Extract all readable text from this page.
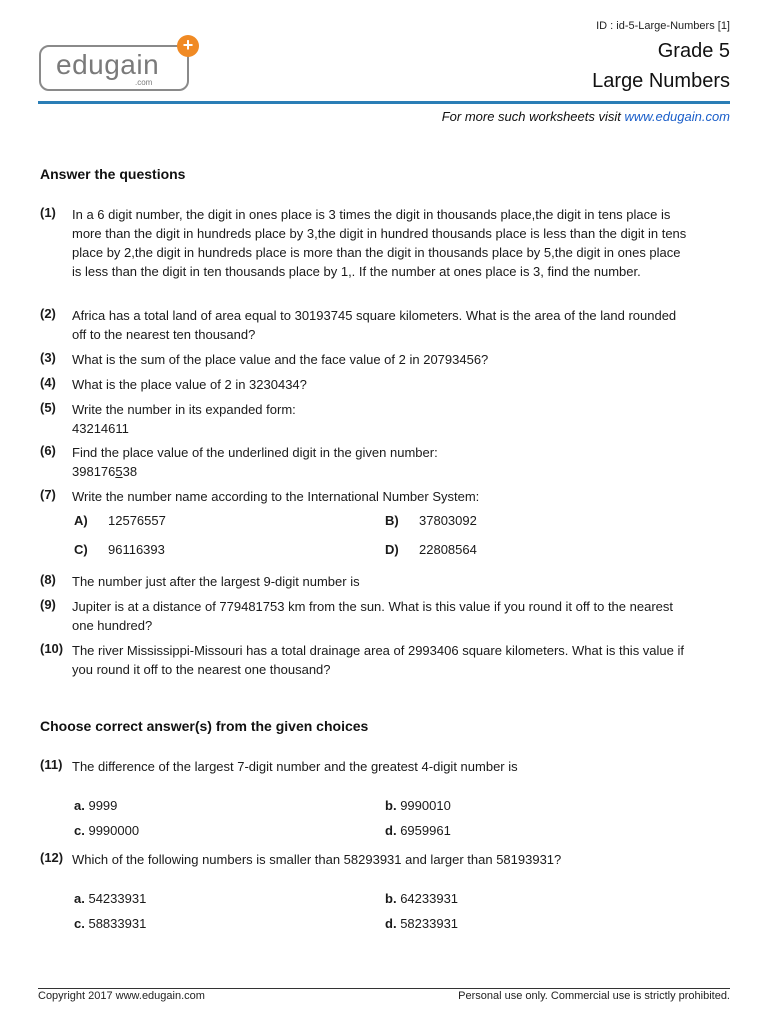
ID : id-5-Large-Numbers [1]
edugain
.com
+	Grade 5
Large Numbers
For more such worksheets visit www.edugain.com
Answer the questions
(1) In a 6 digit number, the digit in ones place is 3 times the digit in thousands place,the digit in tens place is more than the digit in hundreds place by 3,the digit in hundred thousands place is less than the digit in tens place by 2,the digit in hundreds place is more than the digit in thousands place by 5,the digit in ones place is less than the digit in ten thousands place by 1,. If the number at ones place is 3, find the number.
(2) Africa has a total land of area equal to 30193745 square kilometers. What is the area of the land rounded off to the nearest ten thousand?
(3) What is the sum of the place value and the face value of 2 in 20793456?
(4) What is the place value of 2 in 3230434?
(5) Write the number in its expanded form:
43214611
(6) Find the place value of the underlined digit in the given number:
398176538
(7) Write the number name according to the International Number System:
A) 12576557	B) 37803092
C) 96116393	D) 22808564
(8) The number just after the largest 9-digit number is
(9) Jupiter is at a distance of 779481753 km from the sun. What is this value if you round it off to the nearest one hundred?
(10) The river Mississippi-Missouri has a total drainage area of 2993406 square kilometers. What is this value if you round it off to the nearest one thousand?
Choose correct answer(s) from the given choices
(11) The difference of the largest 7-digit number and the greatest 4-digit number is
a. 9999	b. 9990010
c. 9990000	d. 6959961
(12) Which of the following numbers is smaller than 58293931 and larger than 58193931?
a. 54233931	b. 64233931
c. 58833931	d. 58233931
Copyright 2017 www.edugain.com	Personal use only. Commercial use is strictly prohibited.
